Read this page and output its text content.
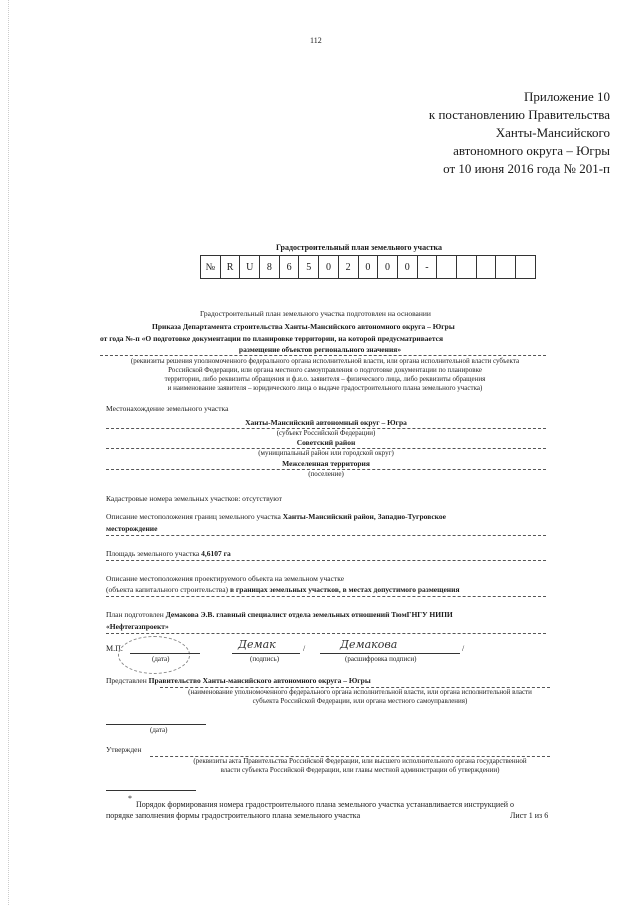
112
Приложение 10
к постановлению Правительства
Ханты-Мансийского
автономного округа – Югры
от 10 июня 2016 года № 201-п
Градостроительный план земельного участка
№	R	U	8	6	5	0	2	0	0	0	-
Градостроительный план земельного участка подготовлен на основании
Приказа Департамента строительства Ханты-Мансийского автономного округа – Югры
от года №-п «О подготовке документации по планировке территории, на которой предусматривается
размещение объектов регионального значения»
(реквизиты решения уполномоченного федерального органа исполнительной власти, или органа исполнительной власти субъекта
Российской Федерации, или органа местного самоуправления о подготовке документации по планировке
территории, либо реквизиты обращения и ф.и.о. заявителя – физического лица, либо реквизиты обращения
и наименование заявителя – юридического лица о выдаче градостроительного плана земельного участка)
Местонахождение земельного участка
Ханты-Мансийский автономный округ – Югра
(субъект Российской Федерации)
Советский район
(муниципальный район или городской округ)
Межселенная территория
(поселение)
Кадастровые номера земельных участков: отсутствуют
Описание местоположения границ земельного участка Ханты-Мансийский район, Западно-Тугровское
месторождение
Площадь земельного участка 4,6107 га
Описание местоположения проектируемого объекта на земельном участке
(объекта капитального строительства) в границах земельных участков, в местах допустимого размещения
План подготовлен Демакова Э.В. главный специалист отдела земельных отношений ТюмГНГУ НИПИ
«Нефтегазпроект»
М.П.
(дата)
Демак
(подпись)
/	Демакова
(расшифровка подписи)
/
Представлен Правительство Ханты-мансийского автономного округа – Югры
(наименование уполномоченного федерального органа исполнительной власти, или органа исполнительной власти
субъекта Российской Федерации, или органа местного самоуправления)
(дата)
Утвержден
(реквизиты акта Правительства Российской Федерации, или высшего исполнительного органа государственной
власти субъекта Российской Федерации, или главы местной администрации об утверждении)
*
Порядок формирования номера градостроительного плана земельного участка устанавливается инструкцией о
порядке заполнения формы градостроительного плана земельного участка	Лист 1 из 6
